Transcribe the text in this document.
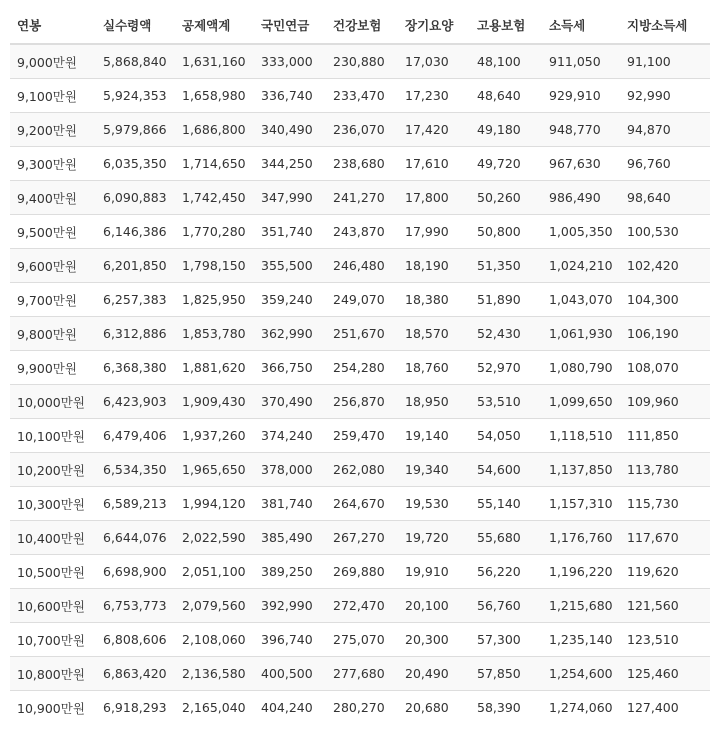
연봉	실수령액	공제액계	국민연금	건강보험	장기요양	고용보험	소득세	지방소득세
9,000만원	5,868,840	1,631,160	333,000	230,880	17,030	48,100	911,050	91,100
9,100만원	5,924,353	1,658,980	336,740	233,470	17,230	48,640	929,910	92,990
9,200만원	5,979,866	1,686,800	340,490	236,070	17,420	49,180	948,770	94,870
9,300만원	6,035,350	1,714,650	344,250	238,680	17,610	49,720	967,630	96,760
9,400만원	6,090,883	1,742,450	347,990	241,270	17,800	50,260	986,490	98,640
9,500만원	6,146,386	1,770,280	351,740	243,870	17,990	50,800	1,005,350	100,530
9,600만원	6,201,850	1,798,150	355,500	246,480	18,190	51,350	1,024,210	102,420
9,700만원	6,257,383	1,825,950	359,240	249,070	18,380	51,890	1,043,070	104,300
9,800만원	6,312,886	1,853,780	362,990	251,670	18,570	52,430	1,061,930	106,190
9,900만원	6,368,380	1,881,620	366,750	254,280	18,760	52,970	1,080,790	108,070
10,000만원	6,423,903	1,909,430	370,490	256,870	18,950	53,510	1,099,650	109,960
10,100만원	6,479,406	1,937,260	374,240	259,470	19,140	54,050	1,118,510	111,850
10,200만원	6,534,350	1,965,650	378,000	262,080	19,340	54,600	1,137,850	113,780
10,300만원	6,589,213	1,994,120	381,740	264,670	19,530	55,140	1,157,310	115,730
10,400만원	6,644,076	2,022,590	385,490	267,270	19,720	55,680	1,176,760	117,670
10,500만원	6,698,900	2,051,100	389,250	269,880	19,910	56,220	1,196,220	119,620
10,600만원	6,753,773	2,079,560	392,990	272,470	20,100	56,760	1,215,680	121,560
10,700만원	6,808,606	2,108,060	396,740	275,070	20,300	57,300	1,235,140	123,510
10,800만원	6,863,420	2,136,580	400,500	277,680	20,490	57,850	1,254,600	125,460
10,900만원	6,918,293	2,165,040	404,240	280,270	20,680	58,390	1,274,060	127,400
